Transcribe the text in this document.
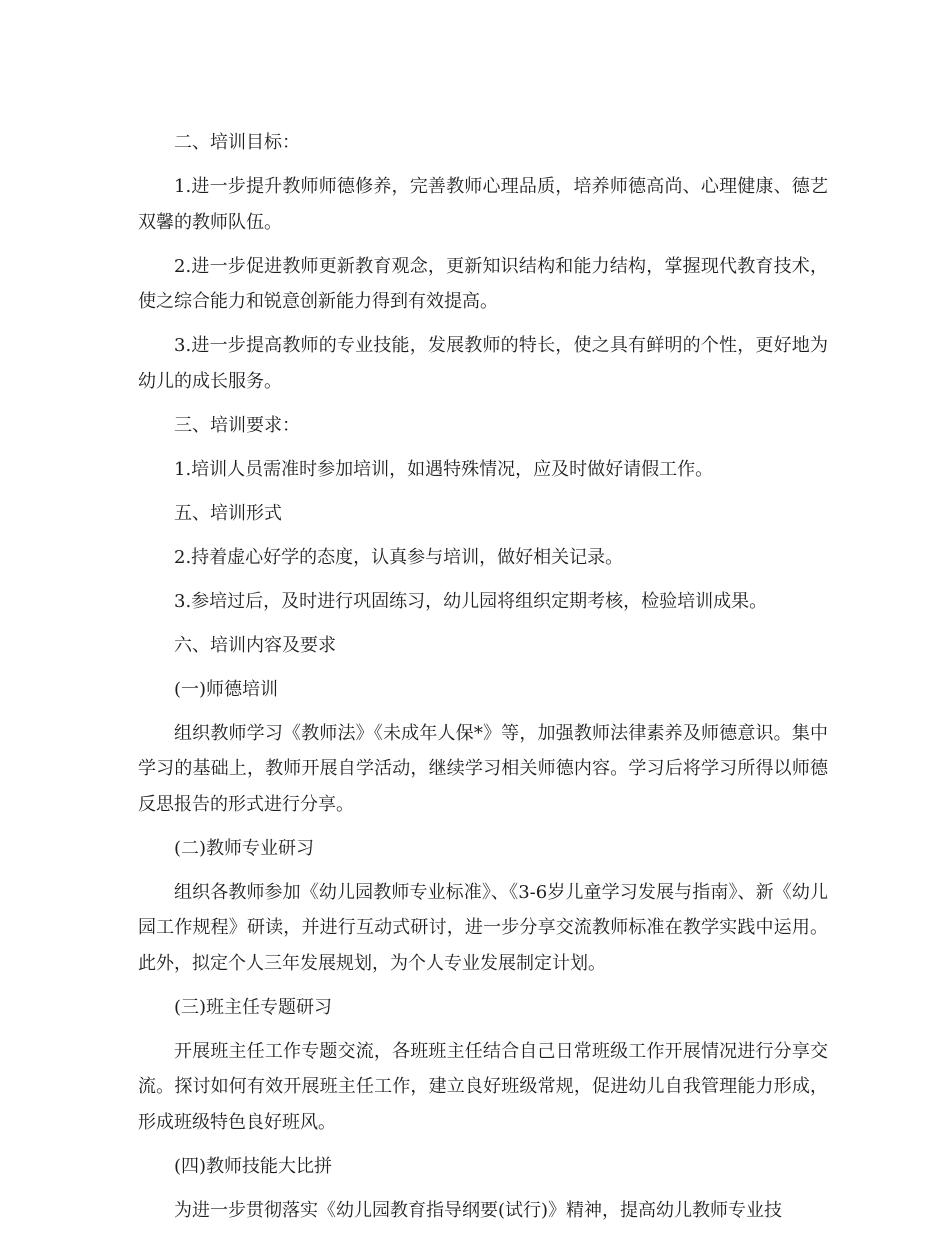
二、培训目标：

1.进一步提升教师师德修养，完善教师心理品质，培养师德高尚、心理健康、德艺双馨的教师队伍。

2.进一步促进教师更新教育观念，更新知识结构和能力结构，掌握现代教育技术，使之综合能力和锐意创新能力得到有效提高。

3.进一步提高教师的专业技能，发展教师的特长，使之具有鲜明的个性，更好地为幼儿的成长服务。

三、培训要求：

1.培训人员需准时参加培训，如遇特殊情况，应及时做好请假工作。

五、培训形式

2.持着虚心好学的态度，认真参与培训，做好相关记录。

3.参培过后，及时进行巩固练习，幼儿园将组织定期考核，检验培训成果。

六、培训内容及要求

(一)师德培训

组织教师学习《教师法》《未成年人保*》等，加强教师法律素养及师德意识。集中学习的基础上，教师开展自学活动，继续学习相关师德内容。学习后将学习所得以师德反思报告的形式进行分享。

(二)教师专业研习

组织各教师参加《幼儿园教师专业标准》、《3-6岁儿童学习发展与指南》、新《幼儿园工作规程》研读，并进行互动式研讨，进一步分享交流教师标准在教学实践中运用。此外，拟定个人三年发展规划，为个人专业发展制定计划。

(三)班主任专题研习

开展班主任工作专题交流，各班班主任结合自己日常班级工作开展情况进行分享交流。探讨如何有效开展班主任工作，建立良好班级常规，促进幼儿自我管理能力形成，形成班级特色良好班风。

(四)教师技能大比拼

为进一步贯彻落实《幼儿园教育指导纲要(试行)》精神，提高幼儿教师专业技
